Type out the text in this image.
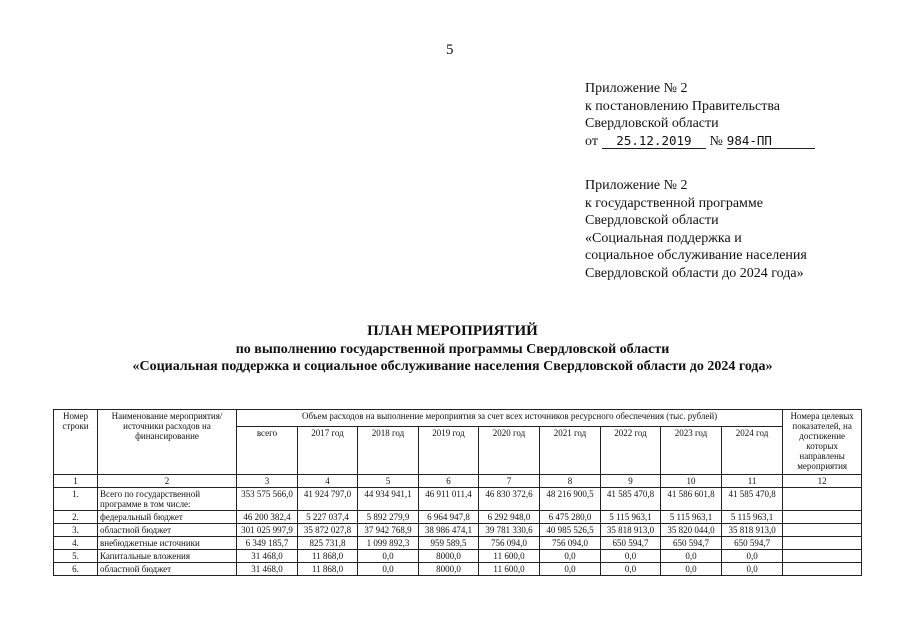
5
Приложение № 2
к постановлению Правительства
Свердловской области
от 25.12.2019 № 984-ПП
Приложение № 2
к государственной программе
Свердловской области
«Социальная поддержка и
социальное обслуживание населения
Свердловской области до 2024 года»
ПЛАН МЕРОПРИЯТИЙ
по выполнению государственной программы Свердловской области
«Социальная поддержка и социальное обслуживание населения Свердловской области до 2024 года»
Номер строки	Наименование мероприятия/источники расходов на финансирование	Объем расходов на выполнение мероприятия за счет всех источников ресурсного обеспечения (тыс. рублей)									Номера целевых показателей, на достижение которых направлены мероприятия
		всего	2017 год	2018 год	2019 год	2020 год	2021 год	2022 год	2023 год	2024 год	
1	2	3	4	5	6	7	8	9	10	11	12
1.	Всего по государственной программе в том числе:	353 575 566,0	41 924 797,0	44 934 941,1	46 911 011,4	46 830 372,6	48 216 900,5	41 585 470,8	41 586 601,8	41 585 470,8	
2.	федеральный бюджет	46 200 382,4	5 227 037,4	5 892 279,9	6 964 947,8	6 292 948,0	6 475 280,0	5 115 963,1	5 115 963,1	5 115 963,1	
3.	областной бюджет	301 025 997,9	35 872 027,8	37 942 768,9	38 986 474,1	39 781 330,6	40 985 526,5	35 818 913,0	35 820 044,0	35 818 913,0	
4.	внебюджетные источники	6 349 185,7	825 731,8	1 099 892,3	959 589,5	756 094,0	756 094,0	650 594,7	650 594,7	650 594,7	
5.	Капитальные вложения	31 468,0	11 868,0	0,0	8000,0	11 600,0	0,0	0,0	0,0	0,0	
6.	областной бюджет	31 468,0	11 868,0	0,0	8000,0	11 600,0	0,0	0,0	0,0	0,0	
